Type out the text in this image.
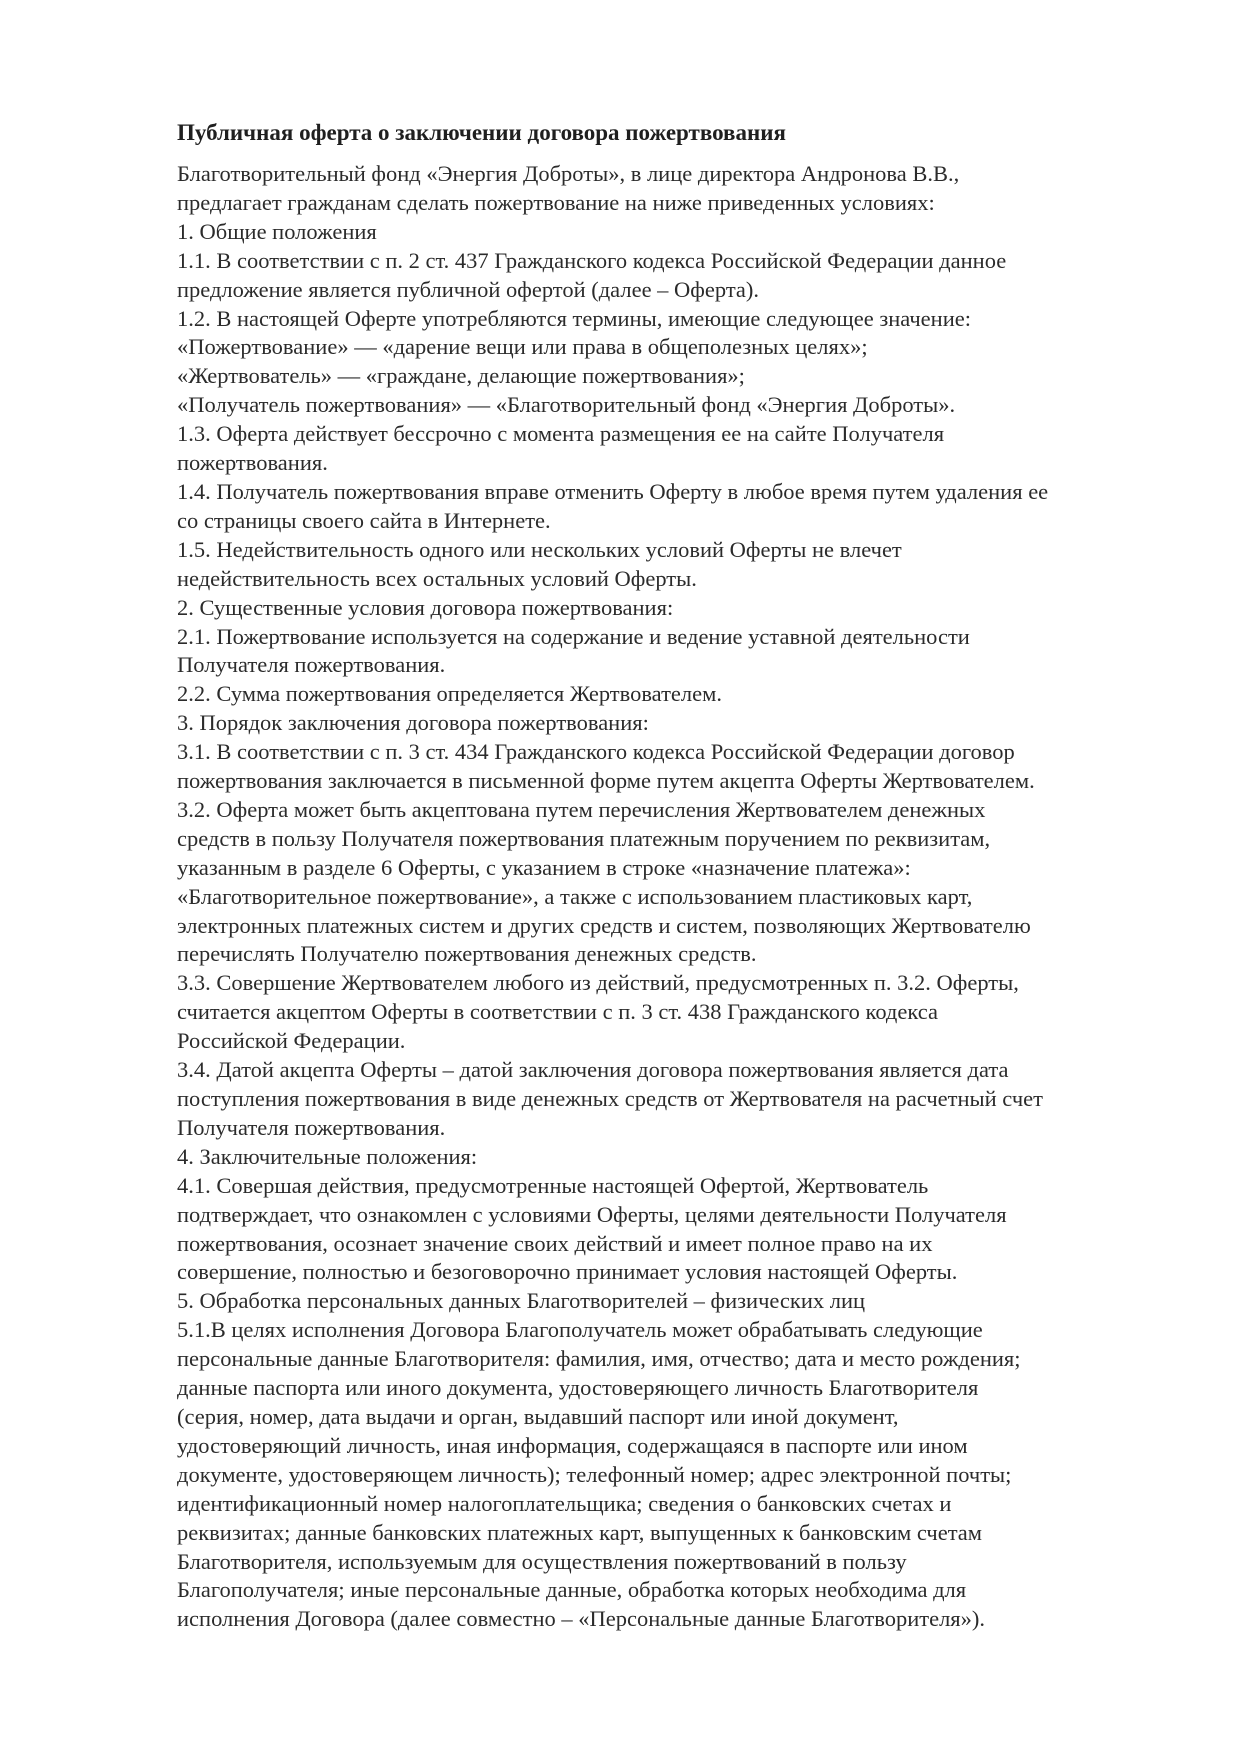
Публичная оферта о заключении договора пожертвования
Благотворительный фонд «Энергия Доброты», в лице директора Андронова В.В.,
предлагает гражданам сделать пожертвование на ниже приведенных условиях:
1. Общие положения
1.1. В соответствии с п. 2 ст. 437 Гражданского кодекса Российской Федерации данное
предложение является публичной офертой (далее – Оферта).
1.2. В настоящей Оферте употребляются термины, имеющие следующее значение:
«Пожертвование» — «дарение вещи или права в общеполезных целях»;
«Жертвователь» — «граждане, делающие пожертвования»;
«Получатель пожертвования» — «Благотворительный фонд «Энергия Доброты».
1.3. Оферта действует бессрочно с момента размещения ее на сайте Получателя
пожертвования.
1.4. Получатель пожертвования вправе отменить Оферту в любое время путем удаления ее
со страницы своего сайта в Интернете.
1.5. Недействительность одного или нескольких условий Оферты не влечет
недействительность всех остальных условий Оферты.
2. Существенные условия договора пожертвования:
2.1. Пожертвование используется на содержание и ведение уставной деятельности
Получателя пожертвования.
2.2. Сумма пожертвования определяется Жертвователем.
3. Порядок заключения договора пожертвования:
3.1. В соответствии с п. 3 ст. 434 Гражданского кодекса Российской Федерации договор
пожертвования заключается в письменной форме путем акцепта Оферты Жертвователем.
3.2. Оферта может быть акцептована путем перечисления Жертвователем денежных
средств в пользу Получателя пожертвования платежным поручением по реквизитам,
указанным в разделе 6 Оферты, с указанием в строке «назначение платежа»:
«Благотворительное пожертвование», а также с использованием пластиковых карт,
электронных платежных систем и других средств и систем, позволяющих Жертвователю
перечислять Получателю пожертвования денежных средств.
3.3. Совершение Жертвователем любого из действий, предусмотренных п. 3.2. Оферты,
считается акцептом Оферты в соответствии с п. 3 ст. 438 Гражданского кодекса
Российской Федерации.
3.4. Датой акцепта Оферты – датой заключения договора пожертвования является дата
поступления пожертвования в виде денежных средств от Жертвователя на расчетный счет
Получателя пожертвования.
4. Заключительные положения:
4.1. Совершая действия, предусмотренные настоящей Офертой, Жертвователь
подтверждает, что ознакомлен с условиями Оферты, целями деятельности Получателя
пожертвования, осознает значение своих действий и имеет полное право на их
совершение, полностью и безоговорочно принимает условия настоящей Оферты.
5. Обработка персональных данных Благотворителей – физических лиц
5.1.В целях исполнения Договора Благополучатель может обрабатывать следующие
персональные данные Благотворителя: фамилия, имя, отчество; дата и место рождения;
данные паспорта или иного документа, удостоверяющего личность Благотворителя
(серия, номер, дата выдачи и орган, выдавший паспорт или иной документ,
удостоверяющий личность, иная информация, содержащаяся в паспорте или ином
документе, удостоверяющем личность); телефонный номер; адрес электронной почты;
идентификационный номер налогоплательщика; сведения о банковских счетах и
реквизитах; данные банковских платежных карт, выпущенных к банковским счетам
Благотворителя, используемым для осуществления пожертвований в пользу
Благополучателя; иные персональные данные, обработка которых необходима для
исполнения Договора (далее совместно – «Персональные данные Благотворителя»).
